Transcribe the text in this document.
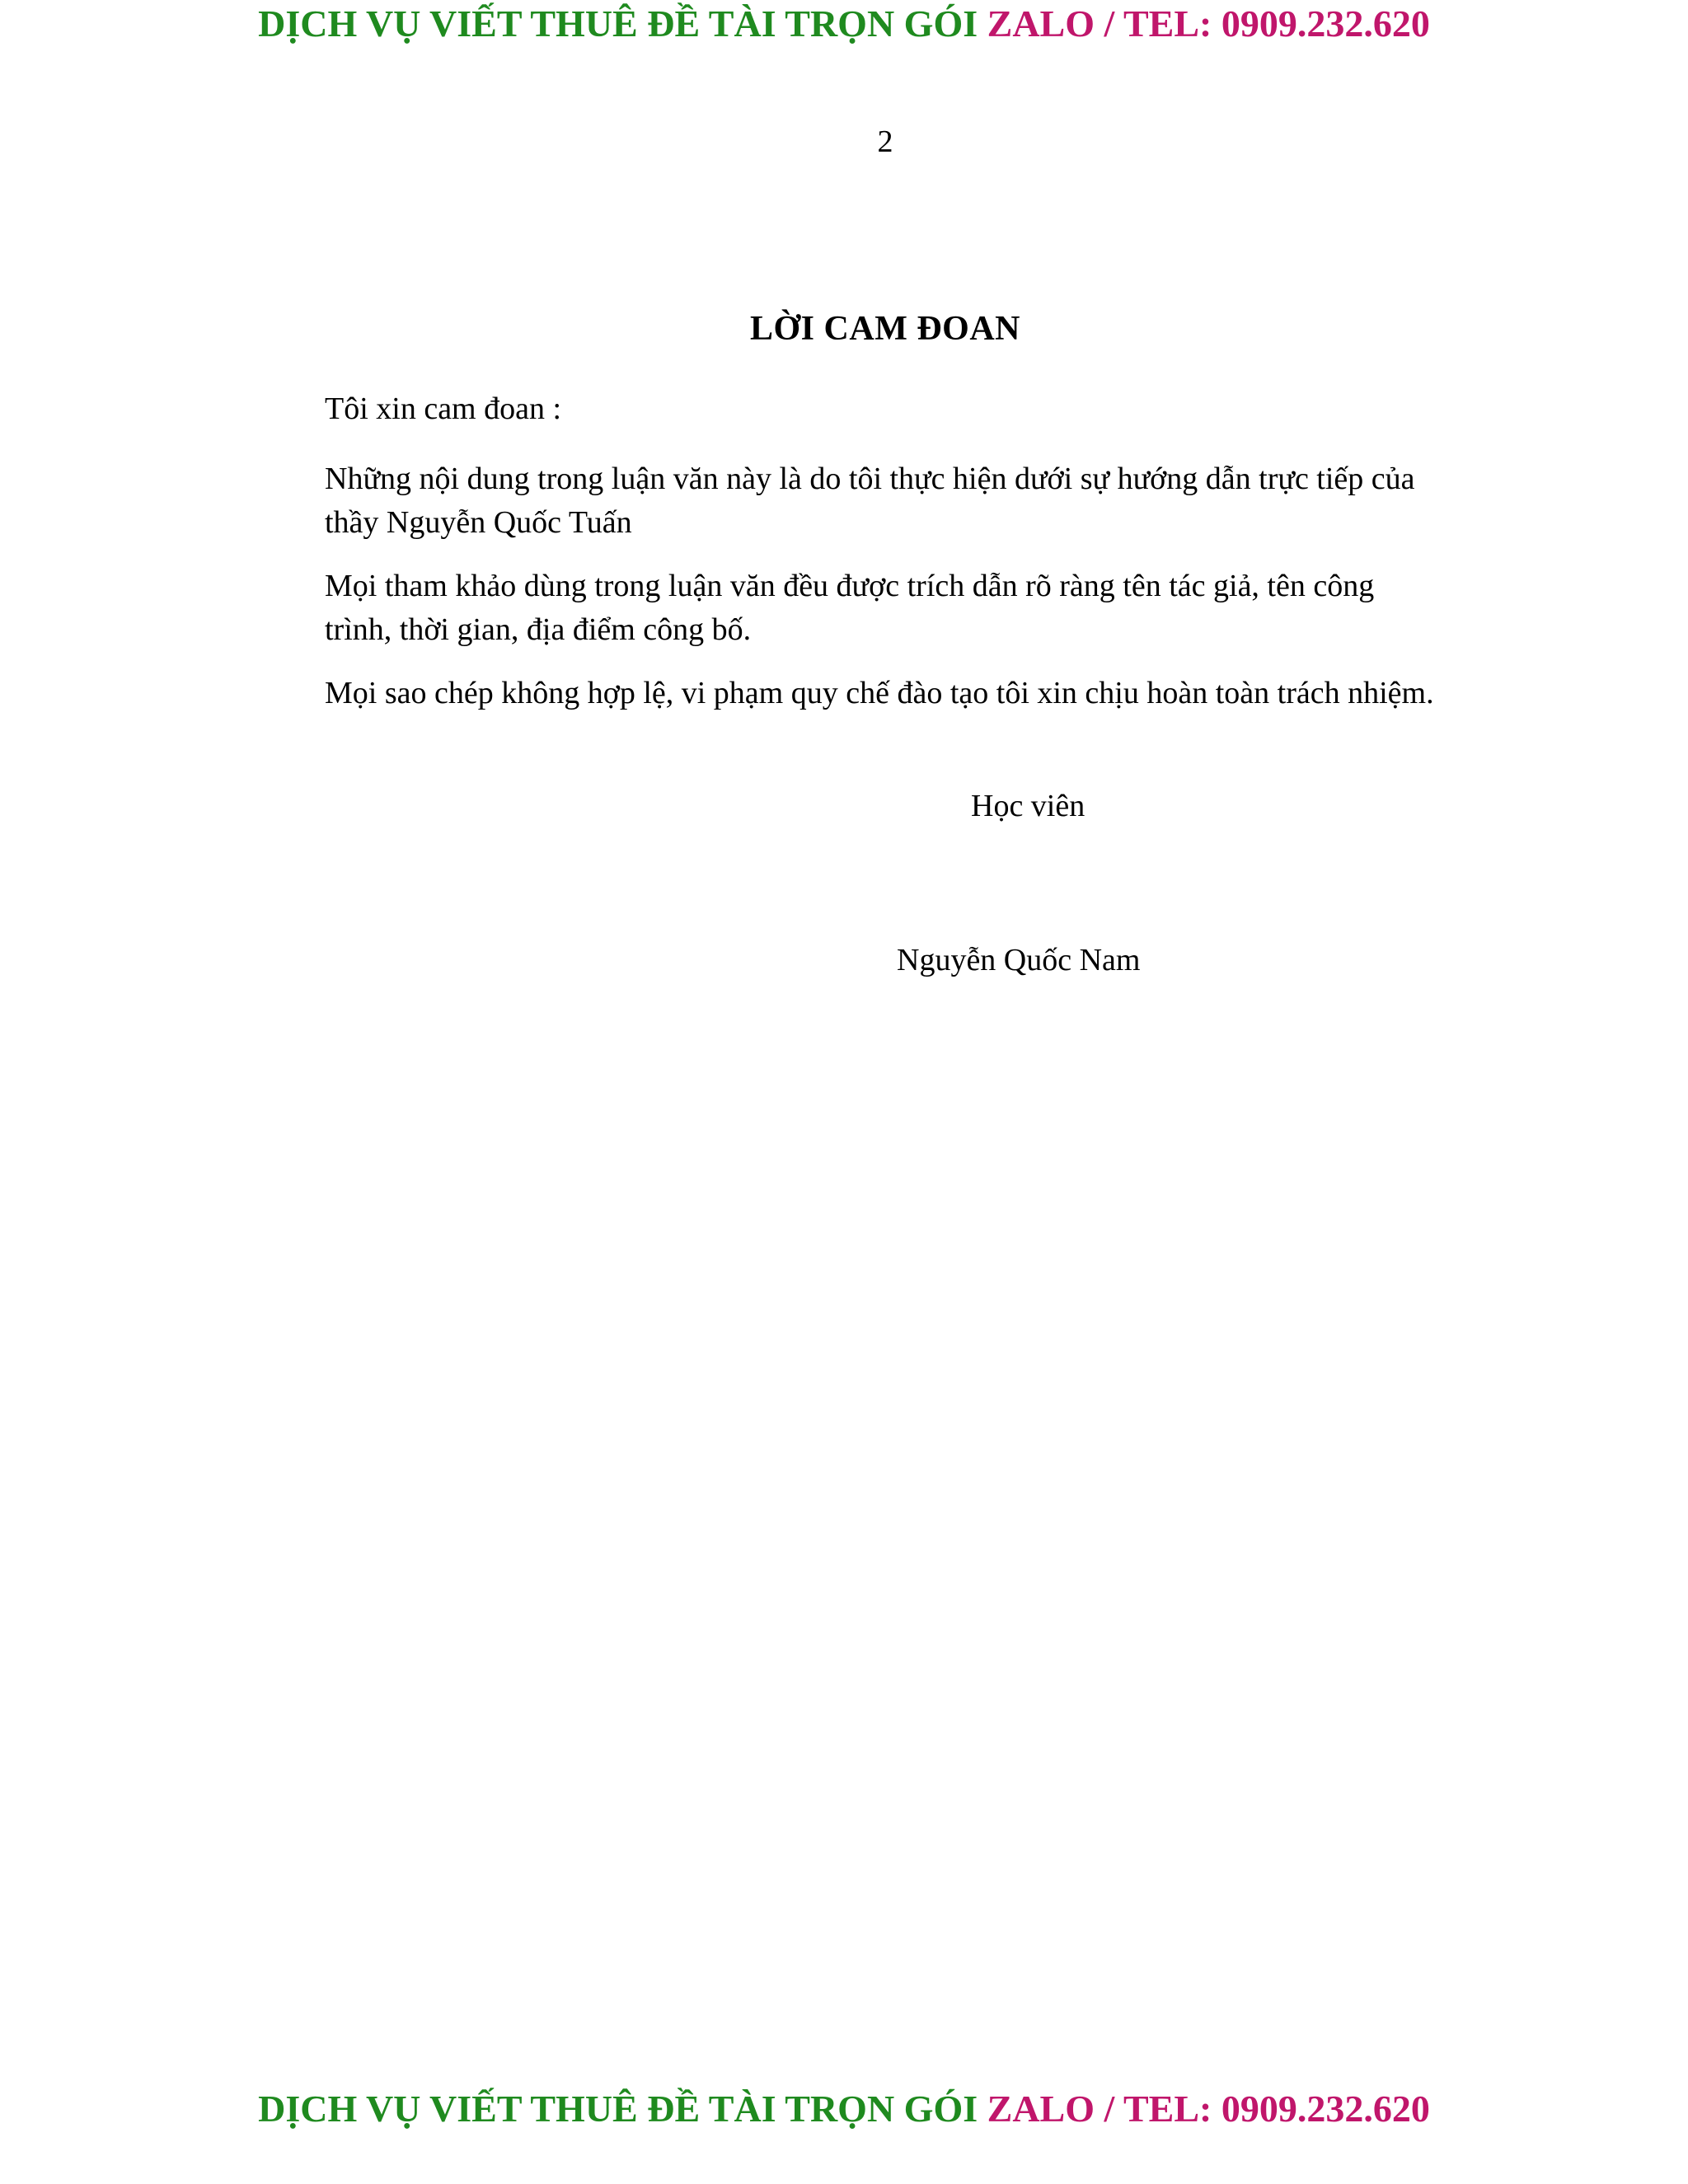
DỊCH VỤ VIẾT THUÊ ĐỀ TÀI TRỌN GÓI ZALO / TEL: 0909.232.620
2
LỜI CAM ĐOAN
Tôi xin cam đoan :
Những nội dung trong luận văn này là do tôi thực hiện dưới sự hướng dẫn trực tiếp của thầy Nguyễn Quốc Tuấn
Mọi tham khảo dùng trong luận văn đều được trích dẫn rõ ràng tên tác giả, tên công trình, thời gian, địa điểm công bố.
Mọi sao chép không hợp lệ, vi phạm quy chế đào tạo tôi xin chịu hoàn toàn trách nhiệm.
Học viên
Nguyễn Quốc Nam
DỊCH VỤ VIẾT THUÊ ĐỀ TÀI TRỌN GÓI ZALO / TEL: 0909.232.620
